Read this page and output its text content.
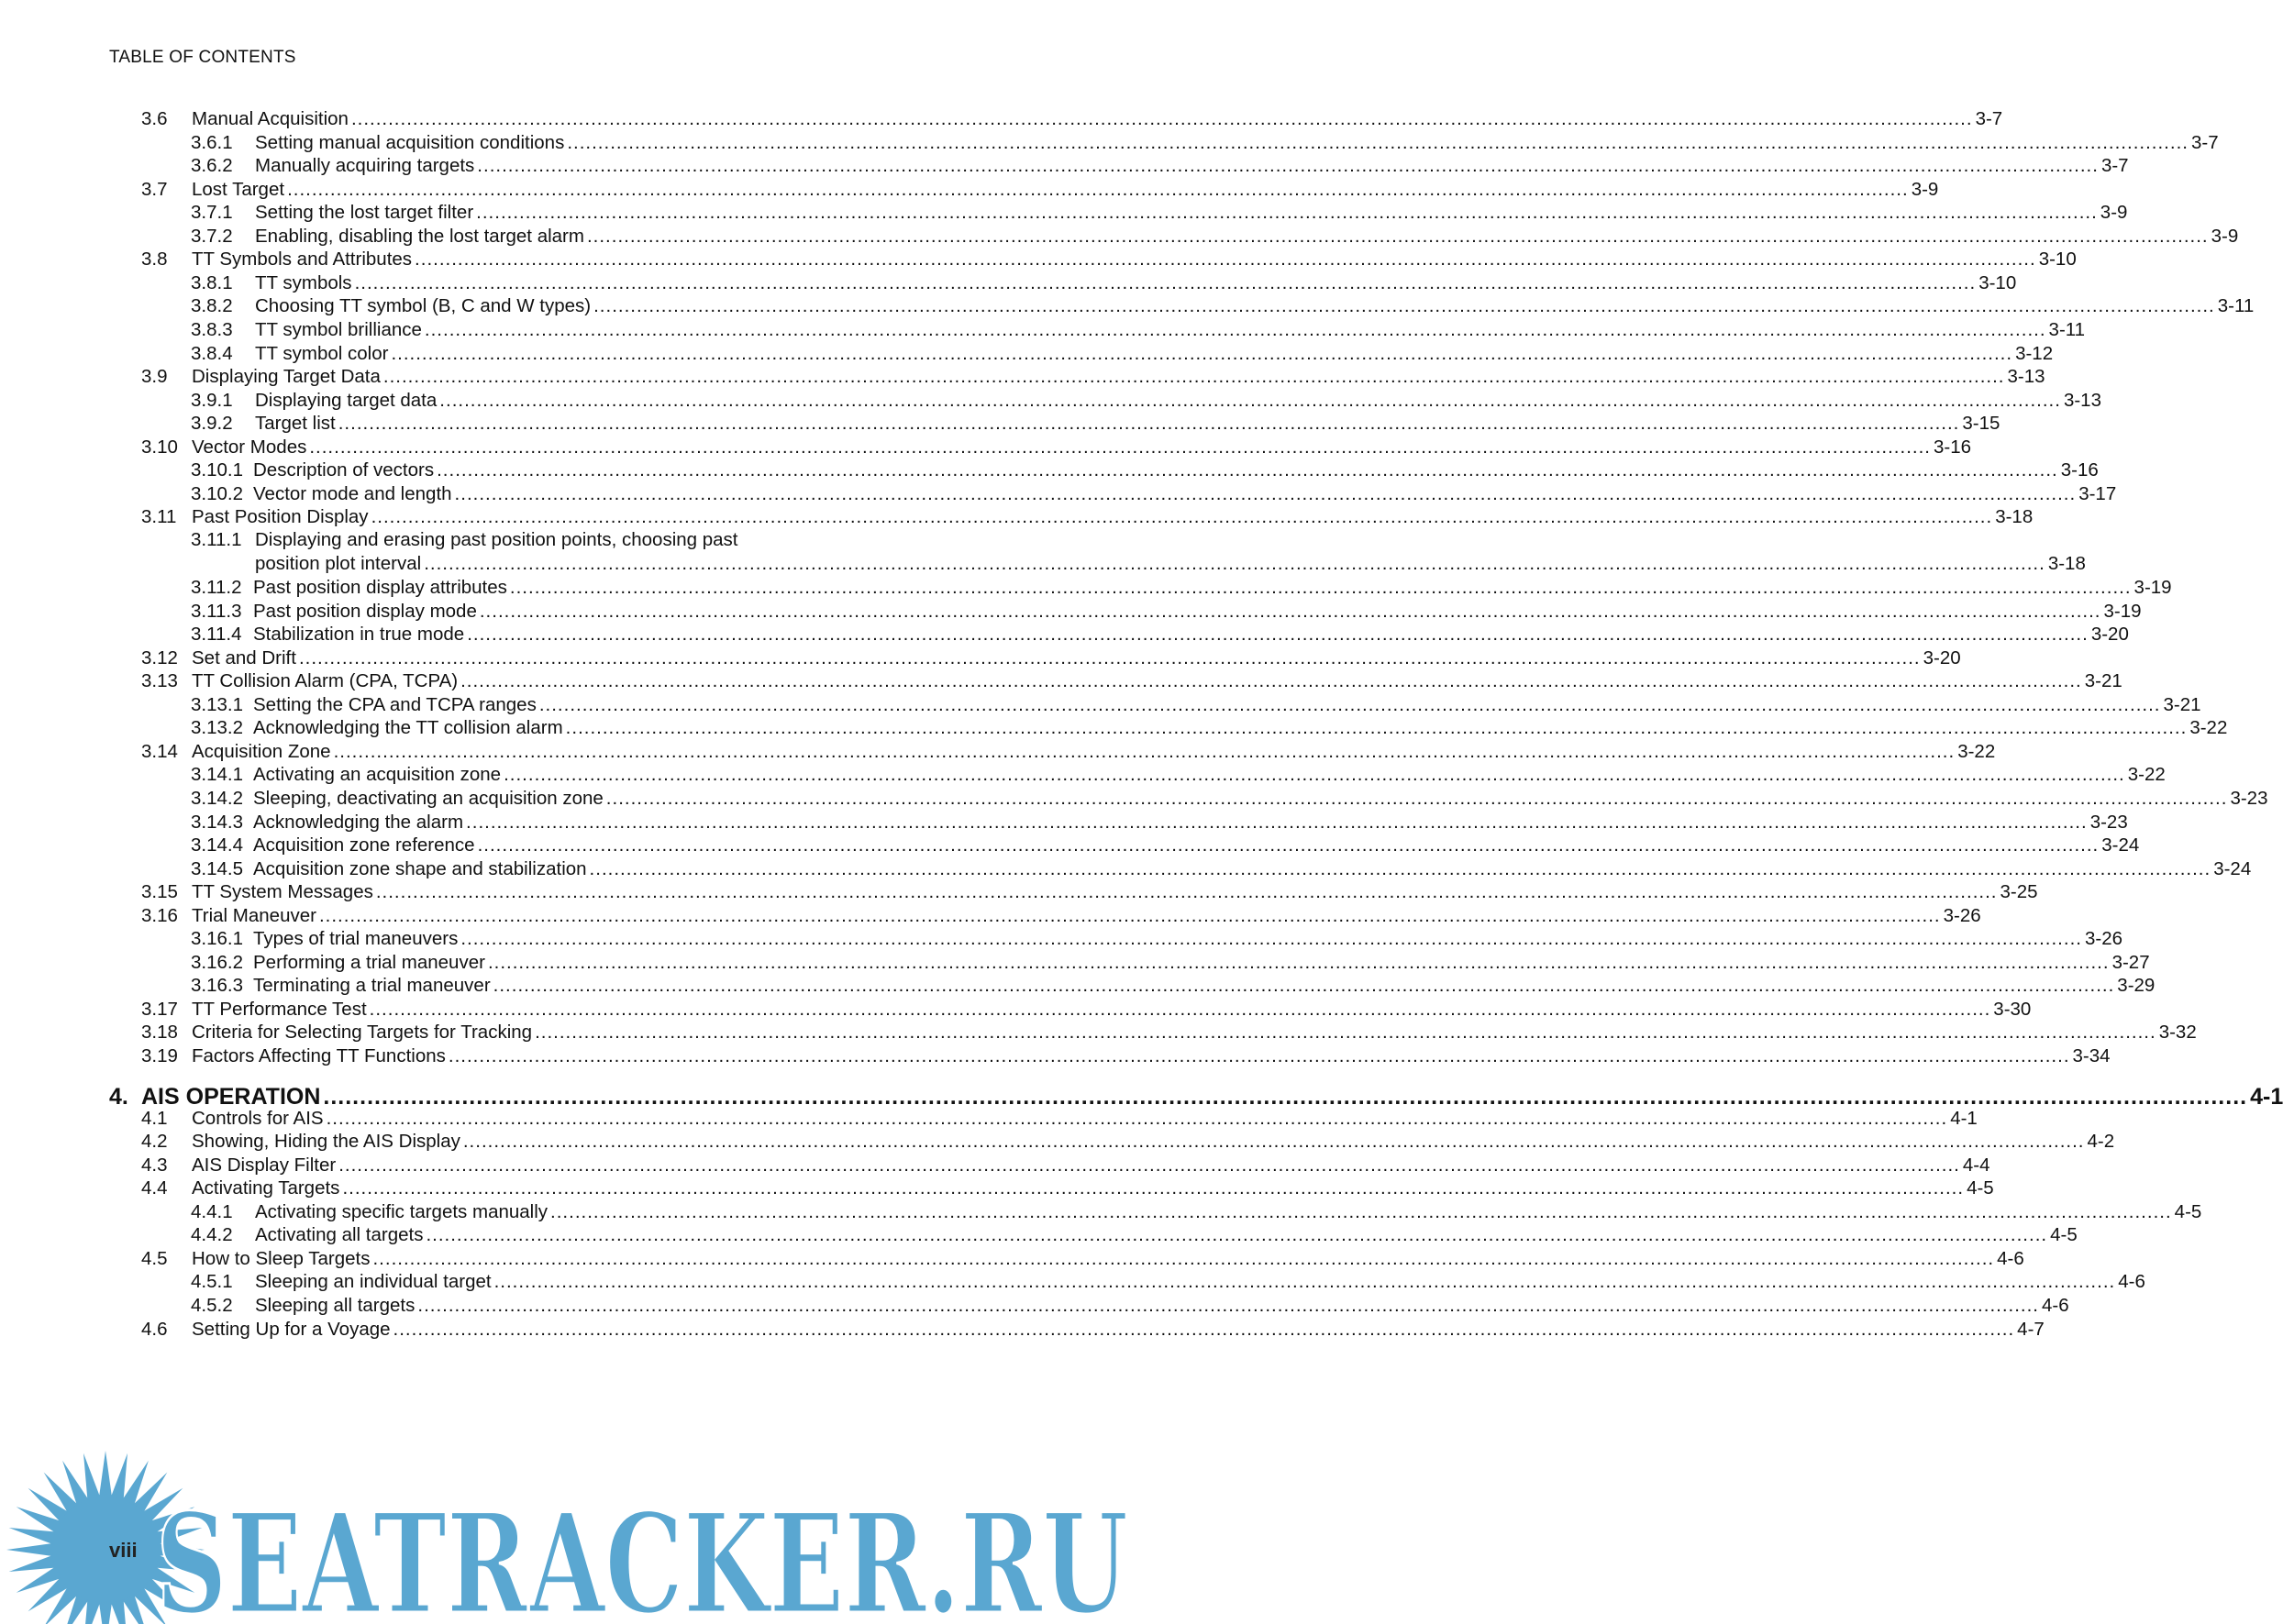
TABLE OF CONTENTS
3.6	Manual Acquisition .....	3-7
3.6.1	Setting manual acquisition conditions .....	3-7
3.6.2	Manually acquiring targets .....	3-7
3.7	Lost Target .....	3-9
3.7.1	Setting the lost target filter .....	3-9
3.7.2	Enabling, disabling the lost target alarm .....	3-9
3.8	TT Symbols and Attributes .....	3-10
3.8.1	TT symbols .....	3-10
3.8.2	Choosing TT symbol (B, C and W types) .....	3-11
3.8.3	TT symbol brilliance .....	3-11
3.8.4	TT symbol color .....	3-12
3.9	Displaying Target Data .....	3-13
3.9.1	Displaying target data .....	3-13
3.9.2	Target list .....	3-15
3.10 Vector Modes .....	3-16
3.10.1 Description of vectors .....	3-16
3.10.2 Vector mode and length .....	3-17
3.11 Past Position Display .....	3-18
3.11.1 Displaying and erasing past position points, choosing past
position plot interval .....	3-18
3.11.2 Past position display attributes .....	3-19
3.11.3 Past position display mode .....	3-19
3.11.4 Stabilization in true mode .....	3-20
3.12 Set and Drift .....	3-20
3.13 TT Collision Alarm (CPA, TCPA) .....	3-21
3.13.1 Setting the CPA and TCPA ranges .....	3-21
3.13.2 Acknowledging the TT collision alarm .....	3-22
3.14 Acquisition Zone .....	3-22
3.14.1 Activating an acquisition zone .....	3-22
3.14.2 Sleeping, deactivating an acquisition zone .....	3-23
3.14.3 Acknowledging the alarm .....	3-23
3.14.4 Acquisition zone reference .....	3-24
3.14.5 Acquisition zone shape and stabilization .....	3-24
3.15 TT System Messages .....	3-25
3.16 Trial Maneuver .....	3-26
3.16.1 Types of trial maneuvers .....	3-26
3.16.2 Performing a trial maneuver .....	3-27
3.16.3 Terminating a trial maneuver .....	3-29
3.17 TT Performance Test .....	3-30
3.18 Criteria for Selecting Targets for Tracking .....	3-32
3.19 Factors Affecting TT Functions .....	3-34
4. AIS OPERATION .....	4-1
4.1	Controls for AIS .....	4-1
4.2	Showing, Hiding the AIS Display .....	4-2
4.3	AIS Display Filter .....	4-4
4.4	Activating Targets .....	4-5
4.4.1	Activating specific targets manually .....	4-5
4.4.2	Activating all targets .....	4-5
4.5	How to Sleep Targets .....	4-6
4.5.1	Sleeping an individual target .....	4-6
4.5.2	Sleeping all targets .....	4-6
4.6	Setting Up for a Voyage .....	4-7
SEATRACKER.RU
viii
